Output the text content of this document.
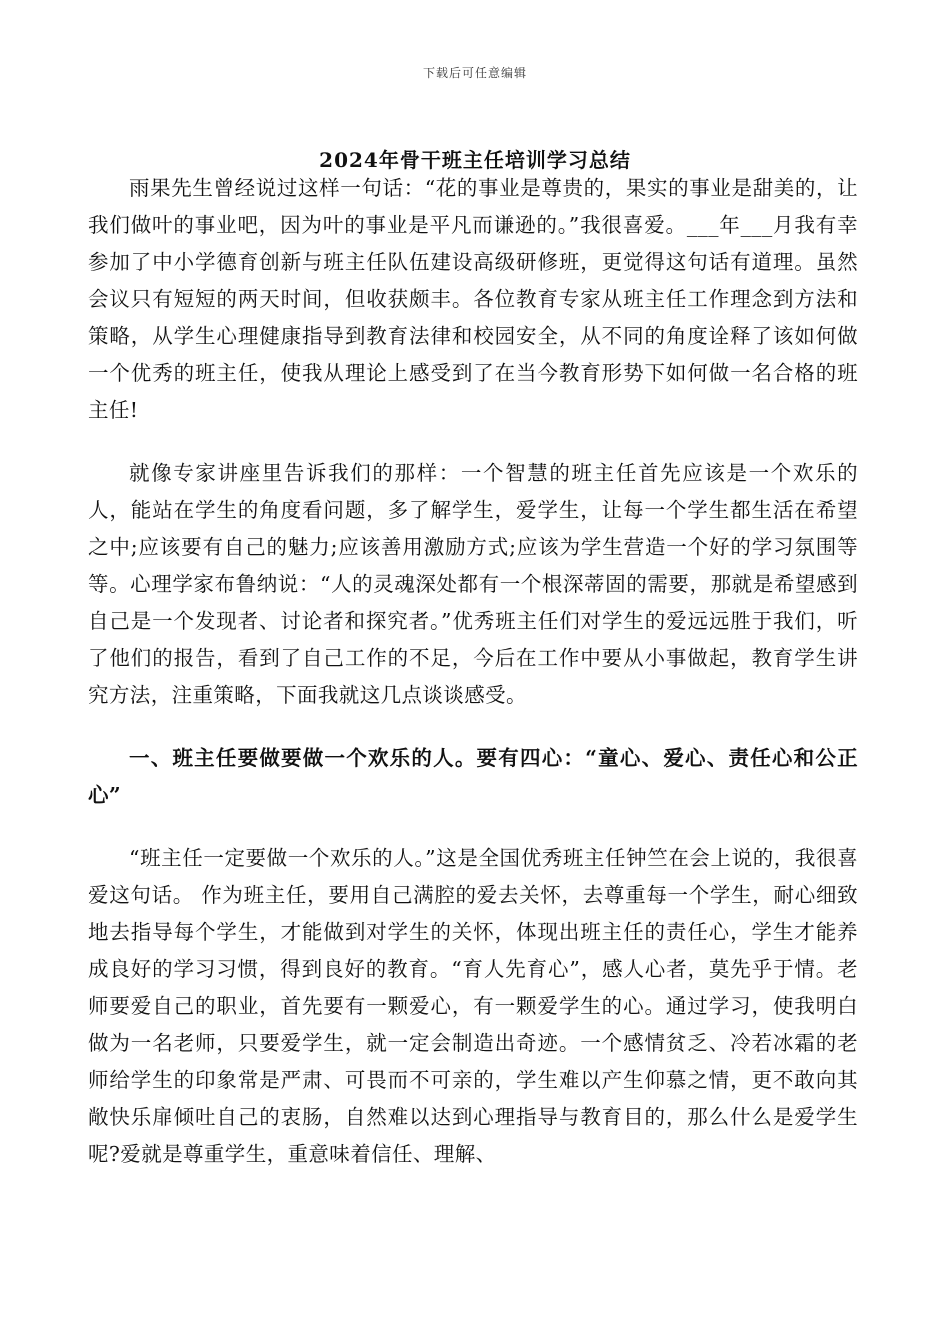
下载后可任意编辑
2024年骨干班主任培训学习总结

雨果先生曾经说过这样一句话：“花的事业是尊贵的，果实的事业是甜美的，让我们做叶的事业吧，因为叶的事业是平凡而谦逊的。”我很喜爱。___年___月我有幸参加了中小学德育创新与班主任队伍建设高级研修班，更觉得这句话有道理。虽然会议只有短短的两天时间，但收获颇丰。各位教育专家从班主任工作理念到方法和策略，从学生心理健康指导到教育法律和校园安全，从不同的角度诠释了该如何做一个优秀的班主任，使我从理论上感受到了在当今教育形势下如何做一名合格的班主任!

就像专家讲座里告诉我们的那样：一个智慧的班主任首先应该是一个欢乐的人，能站在学生的角度看问题，多了解学生，爱学生，让每一个学生都生活在希望之中;应该要有自己的魅力;应该善用激励方式;应该为学生营造一个好的学习氛围等等。心理学家布鲁纳说：“人的灵魂深处都有一个根深蒂固的需要，那就是希望感到自己是一个发现者、讨论者和探究者。”优秀班主任们对学生的爱远远胜于我们，听了他们的报告，看到了自己工作的不足，今后在工作中要从小事做起，教育学生讲究方法，注重策略，下面我就这几点谈谈感受。

一、班主任要做要做一个欢乐的人。要有四心：“童心、爱心、责任心和公正心”

“班主任一定要做一个欢乐的人。”这是全国优秀班主任钟竺在会上说的，我很喜爱这句话。 作为班主任，要用自己满腔的爱去关怀，去尊重每一个学生，耐心细致地去指导每个学生，才能做到对学生的关怀，体现出班主任的责任心，学生才能养成良好的学习习惯，得到良好的教育。“育人先育心”，感人心者，莫先乎于情。老师要爱自己的职业，首先要有一颗爱心，有一颗爱学生的心。通过学习，使我明白做为一名老师，只要爱学生，就一定会制造出奇迹。一个感情贫乏、冷若冰霜的老师给学生的印象常是严肃、可畏而不可亲的，学生难以产生仰慕之情，更不敢向其敞快乐扉倾吐自己的衷肠，自然难以达到心理指导与教育目的，那么什么是爱学生呢?爱就是尊重学生，重意味着信任、理解、
